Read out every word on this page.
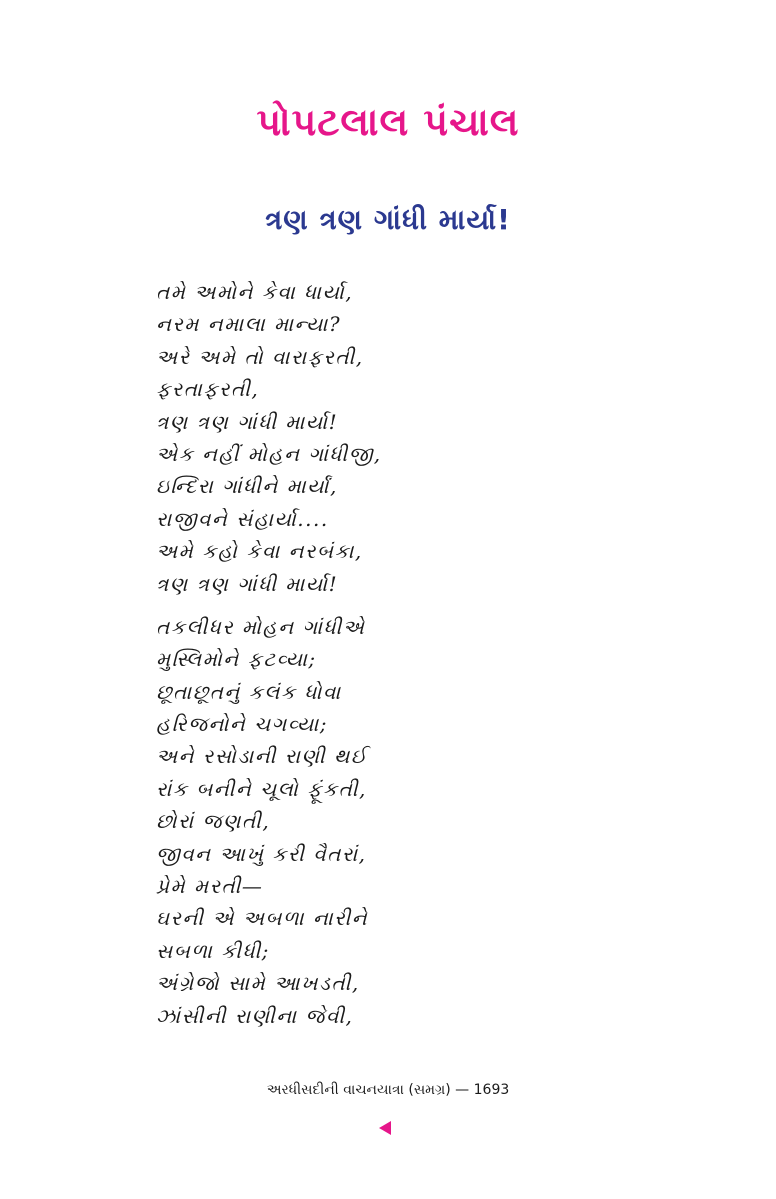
પોપટલાલ પંચાલ
ત્રણ ત્રણ ગાંધી માર્યા!
તમે અમોને કેવા ધાર્યા,
નરમ નમાલા માન્યા?
અરે અમે તો વારાફરતી,
ફરતાફરતી,
ત્રણ ત્રણ ગાંધી માર્યા!
એક નહીં મોહન ગાંધીજી,
ઇન્દિરા ગાંધીને માર્યાં,
રાજીવને સંહાર્યા....
અમે કહો કેવા નરબંકા,
ત્રણ ત્રણ ગાંધી માર્યા!
તકલીધર મોહન ગાંધીએ
મુસ્લિમોને ફટવ્યા;
છૂતાછૂતનું કલંક ધોવા
હરિજનોને ચગવ્યા;
અને રસોડાની રાણી થઈ
રાંક બનીને ચૂલો ફૂંકતી,
છોરાં જણતી,
જીવન આખું કરી વૈતરાં,
પ્રેમે મરતી—
ઘરની એ અબળા નારીને
સબળા કીધી;
અંગ્રેજો સામે આખડતી,
ઝાંસીની રાણીના જેવી,
અરધીસદીની વાચનયાત્રા (સમગ્ર) — 1693
